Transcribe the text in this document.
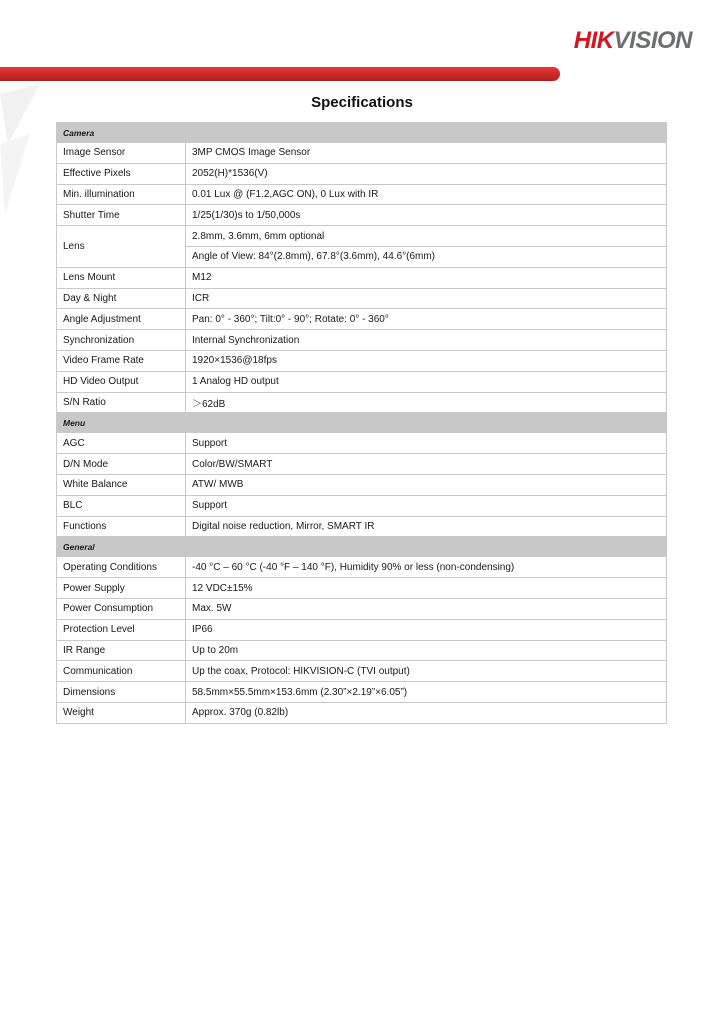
HIKVISION
Specifications
Camera	
Image Sensor	3MP CMOS Image Sensor
Effective Pixels	2052(H)*1536(V)
Min. illumination	0.01 Lux @ (F1.2,AGC ON), 0 Lux with IR
Shutter Time	1/25(1/30)s to 1/50,000s
Lens	2.8mm, 3.6mm, 6mm optional
	Angle of View: 84°(2.8mm), 67.8°(3.6mm), 44.6°(6mm)
Lens Mount	M12
Day & Night	ICR
Angle Adjustment	Pan: 0° - 360°; Tilt:0° - 90°; Rotate: 0° - 360°
Synchronization	Internal Synchronization
Video Frame Rate	1920×1536@18fps
HD Video Output	1 Analog HD output
S/N Ratio	＞62dB
Menu	
AGC	Support
D/N Mode	Color/BW/SMART
White Balance	ATW/ MWB
BLC	Support
Functions	Digital noise reduction, Mirror, SMART IR
General	
Operating Conditions	-40 °C – 60 °C (-40 °F – 140 °F), Humidity 90% or less (non-condensing)
Power Supply	12 VDC±15%
Power Consumption	Max. 5W
Protection Level	IP66
IR Range	Up to 20m
Communication	Up the coax, Protocol: HIKVISION-C (TVI output)
Dimensions	58.5mm×55.5mm×153.6mm (2.30”×2.19”×6.05”)
Weight	Approx. 370g (0.82lb)
